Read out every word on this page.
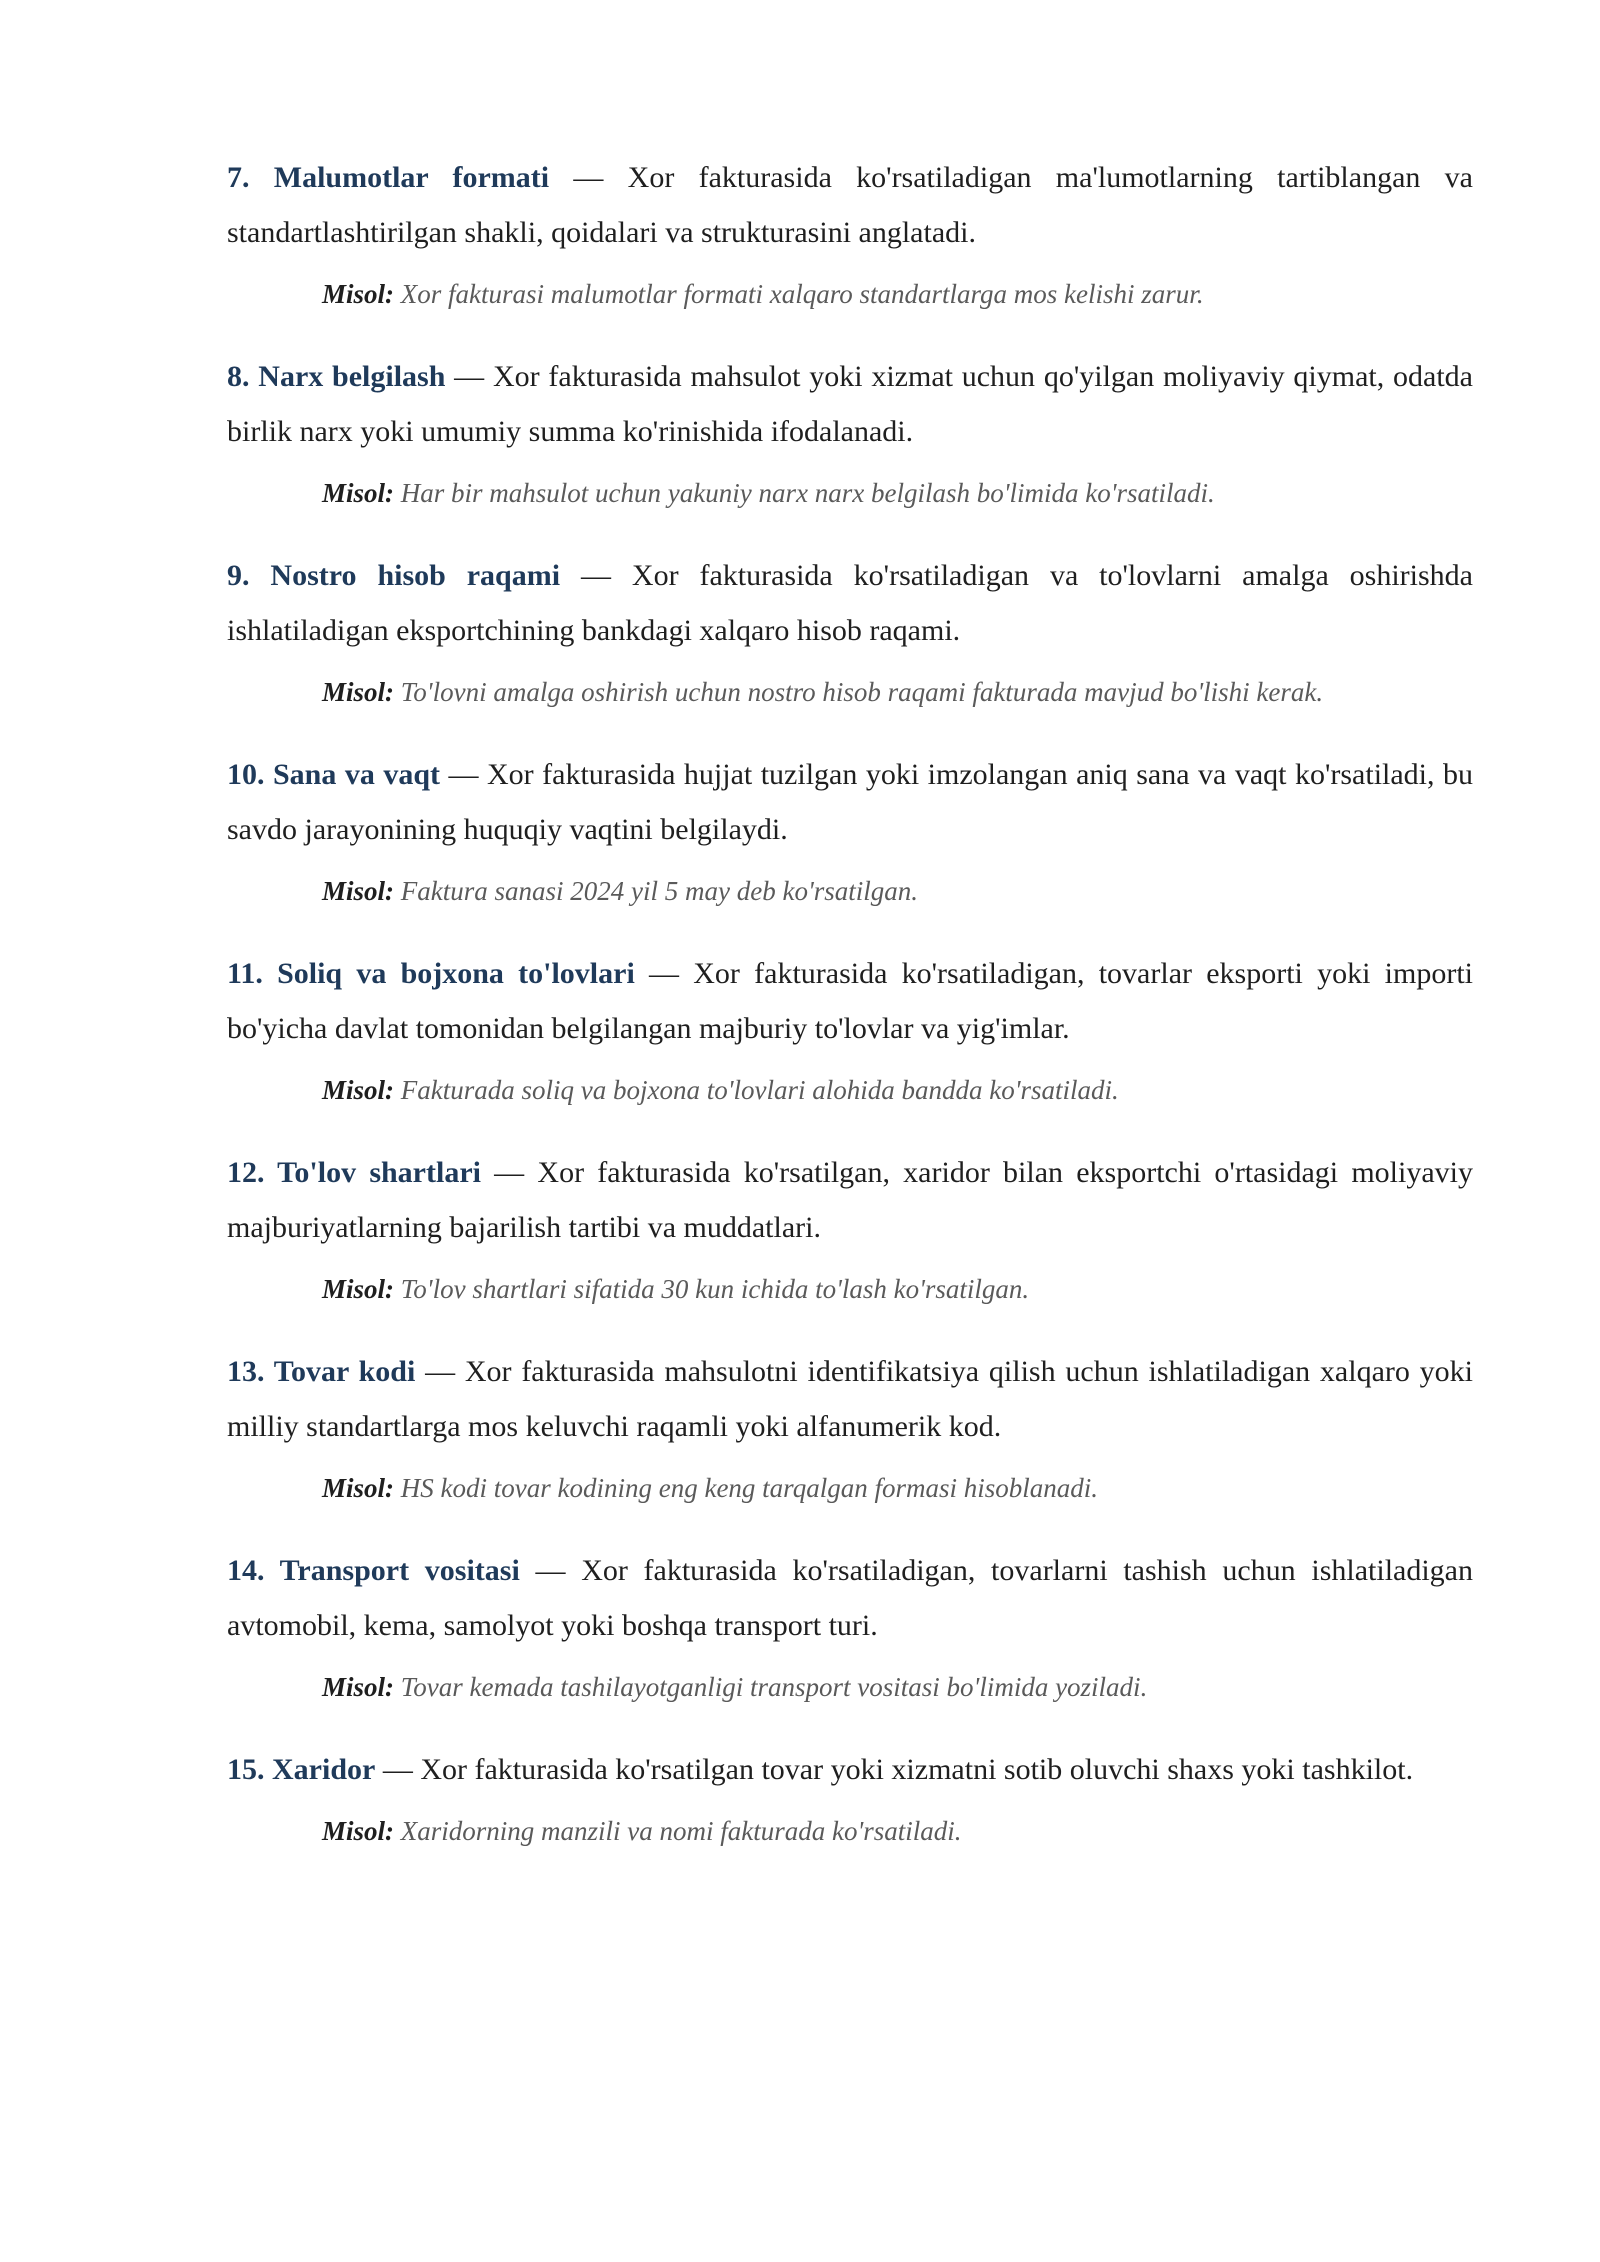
7. Malumotlar formati — Xor fakturasida ko'rsatiladigan ma'lumotlarning tartiblangan va standartlashtirilgan shakli, qoidalari va strukturasini anglatadi.

Misol: Xor fakturasi malumotlar formati xalqaro standartlarga mos kelishi zarur.

8. Narx belgilash — Xor fakturasida mahsulot yoki xizmat uchun qo'yilgan moliyaviy qiymat, odatda birlik narx yoki umumiy summa ko'rinishida ifodalanadi.

Misol: Har bir mahsulot uchun yakuniy narx narx belgilash bo'limida ko'rsatiladi.

9. Nostro hisob raqami — Xor fakturasida ko'rsatiladigan va to'lovlarni amalga oshirishda ishlatiladigan eksportchining bankdagi xalqaro hisob raqami.

Misol: To'lovni amalga oshirish uchun nostro hisob raqami fakturada mavjud bo'lishi kerak.

10. Sana va vaqt — Xor fakturasida hujjat tuzilgan yoki imzolangan aniq sana va vaqt ko'rsatiladi, bu savdo jarayonining huquqiy vaqtini belgilaydi.

Misol: Faktura sanasi 2024 yil 5 may deb ko'rsatilgan.

11. Soliq va bojxona to'lovlari — Xor fakturasida ko'rsatiladigan, tovarlar eksporti yoki importi bo'yicha davlat tomonidan belgilangan majburiy to'lovlar va yig'imlar.

Misol: Fakturada soliq va bojxona to'lovlari alohida bandda ko'rsatiladi.

12. To'lov shartlari — Xor fakturasida ko'rsatilgan, xaridor bilan eksportchi o'rtasidagi moliyaviy majburiyatlarning bajarilish tartibi va muddatlari.

Misol: To'lov shartlari sifatida 30 kun ichida to'lash ko'rsatilgan.

13. Tovar kodi — Xor fakturasida mahsulotni identifikatsiya qilish uchun ishlatiladigan xalqaro yoki milliy standartlarga mos keluvchi raqamli yoki alfanumerik kod.

Misol: HS kodi tovar kodining eng keng tarqalgan formasi hisoblanadi.

14. Transport vositasi — Xor fakturasida ko'rsatiladigan, tovarlarni tashish uchun ishlatiladigan avtomobil, kema, samolyot yoki boshqa transport turi.

Misol: Tovar kemada tashilayotganligi transport vositasi bo'limida yoziladi.

15. Xaridor — Xor fakturasida ko'rsatilgan tovar yoki xizmatni sotib oluvchi shaxs yoki tashkilot.

Misol: Xaridorning manzili va nomi fakturada ko'rsatiladi.
